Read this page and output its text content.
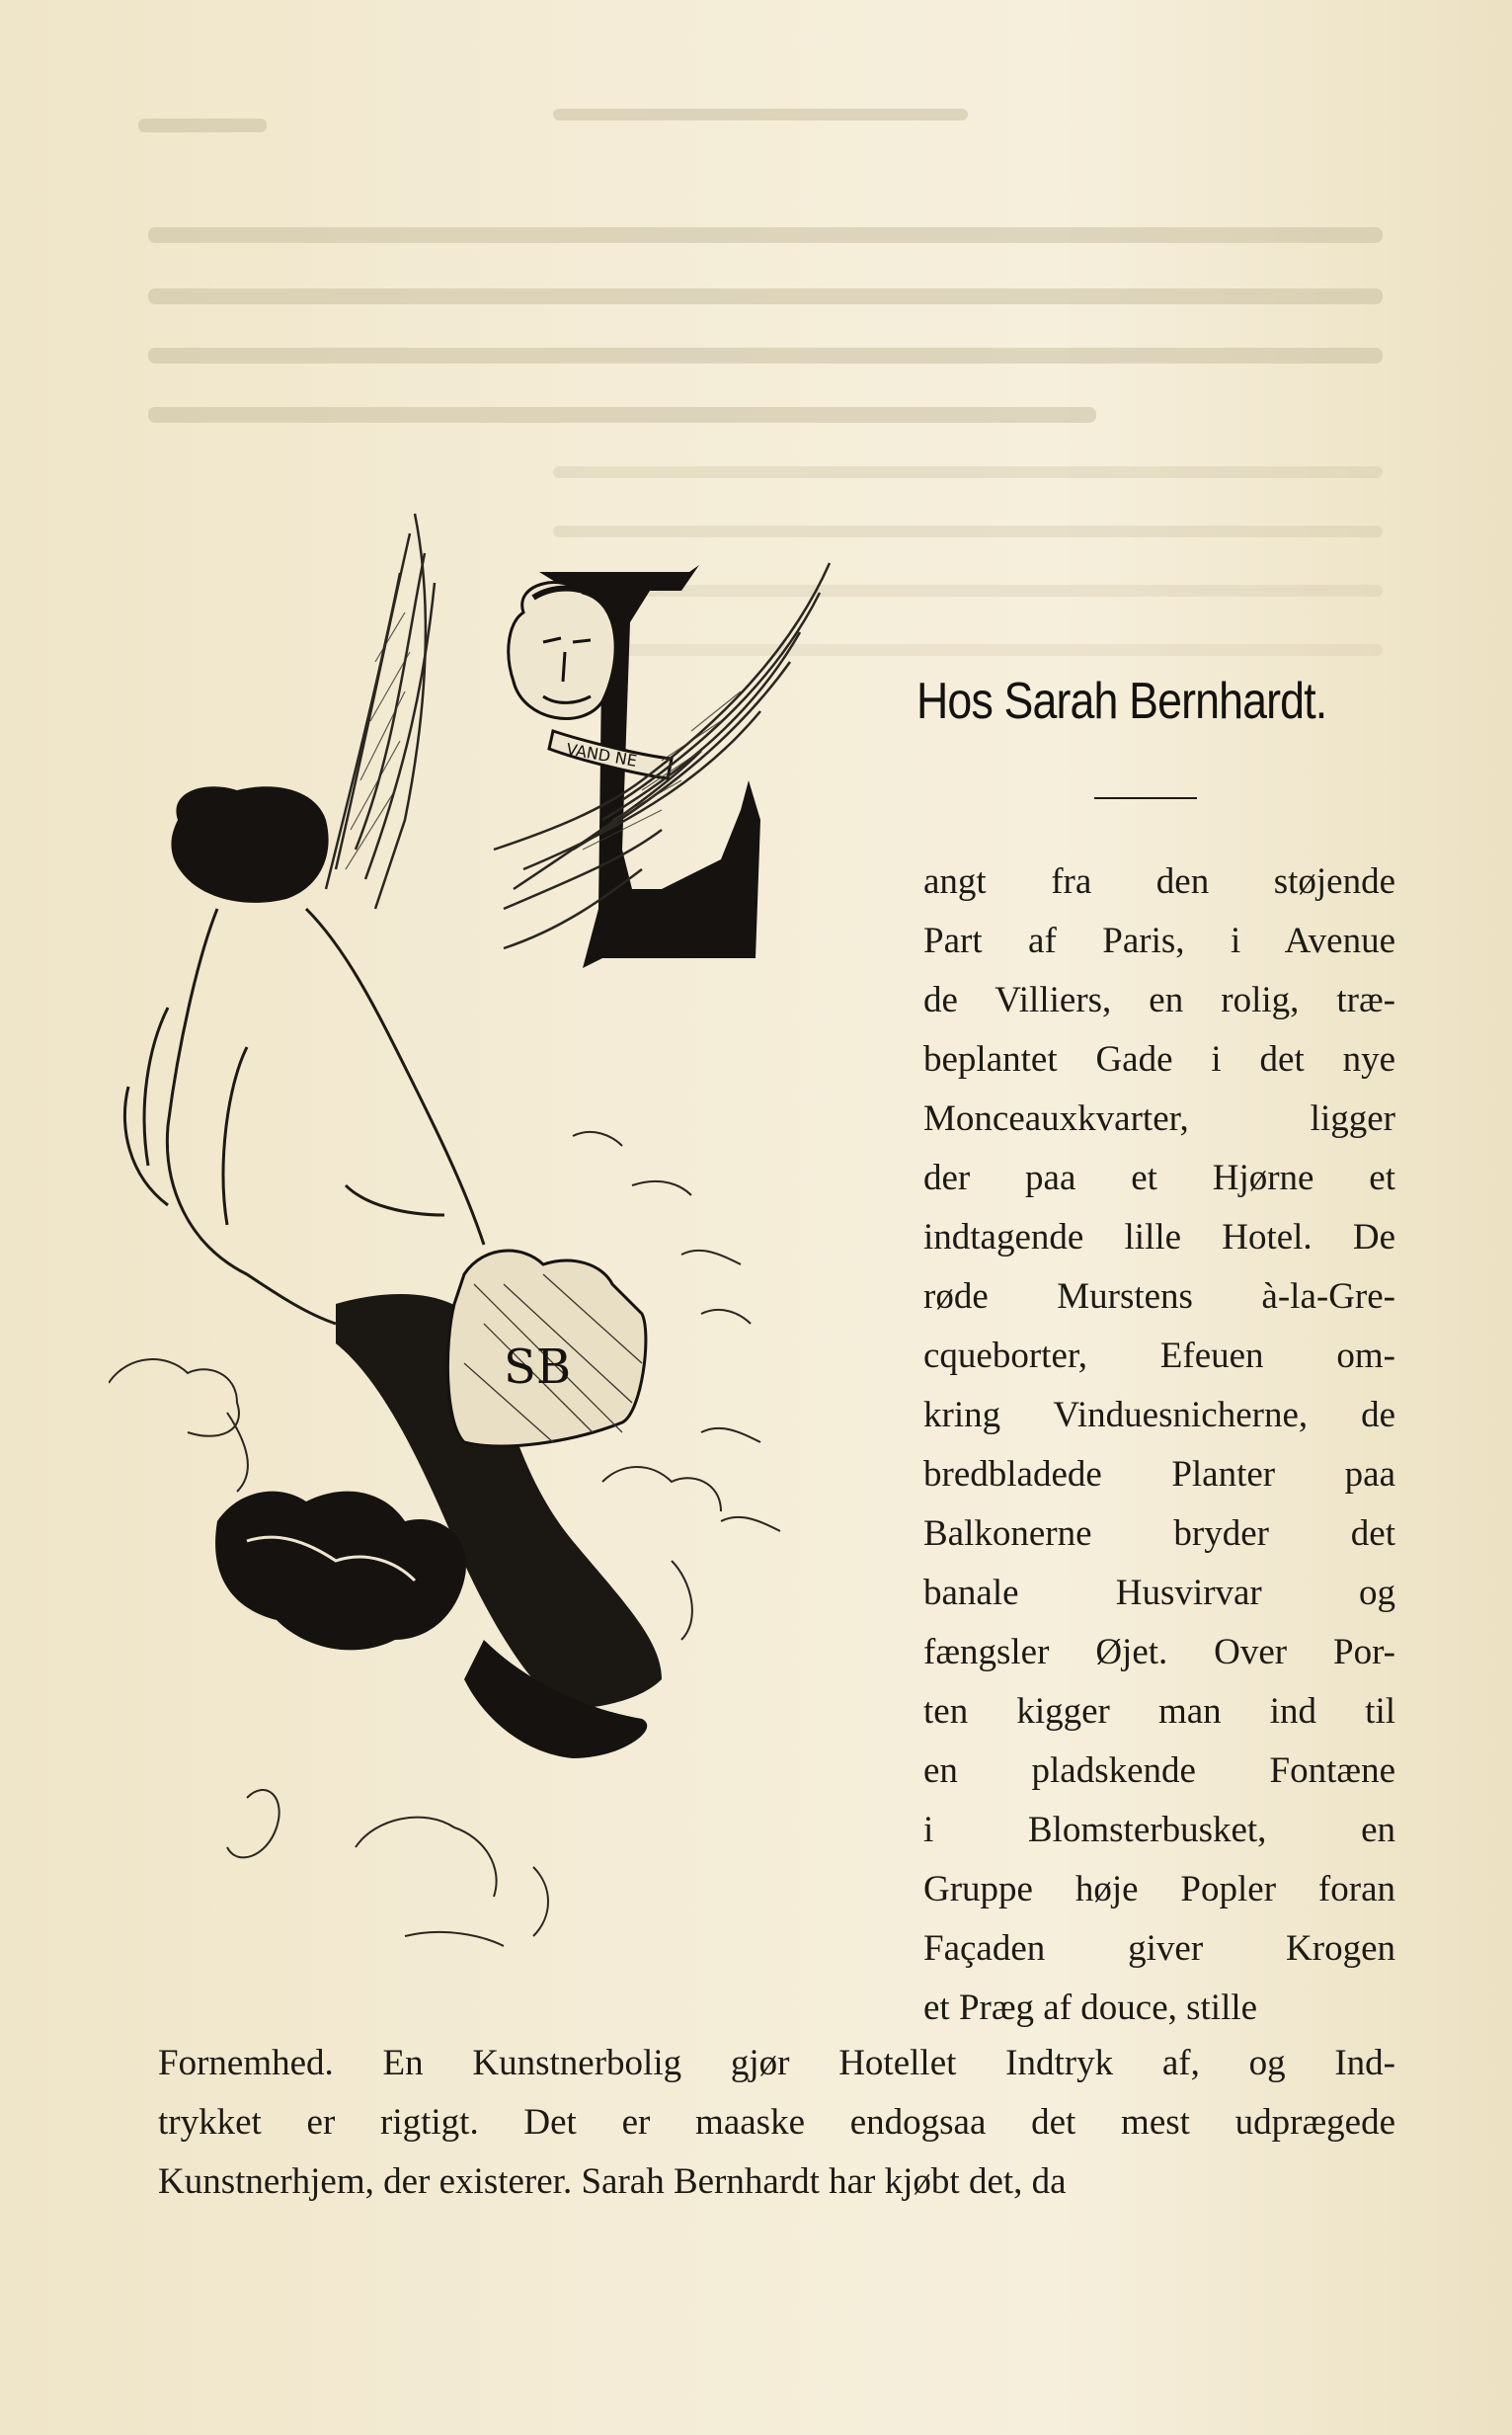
VAND NE
SB
Hos Sarah Bernhardt.

angt fra den støjende
Part af Paris, i Avenue
de Villiers, en rolig, træ-
beplantet Gade i det nye
Monceauxkvarter, ligger
der paa et Hjørne et
indtagende lille Hotel. De
røde Murstens à-la-Gre-
cqueborter, Efeuen om-
kring Vinduesnicherne, de
bredbladede Planter paa
Balkonerne bryder det
banale Husvirvar og
fængsler Øjet. Over Por-
ten kigger man ind til
en pladskende Fontæne
i Blomsterbusket, en
Gruppe høje Popler foran
Façaden giver Krogen
et Præg af douce, stille

Fornemhed. En Kunstnerbolig gjør Hotellet Indtryk af, og Ind-
trykket er rigtigt. Det er maaske endogsaa det mest udprægede
Kunstnerhjem, der existerer. Sarah Bernhardt har kjøbt det, da
